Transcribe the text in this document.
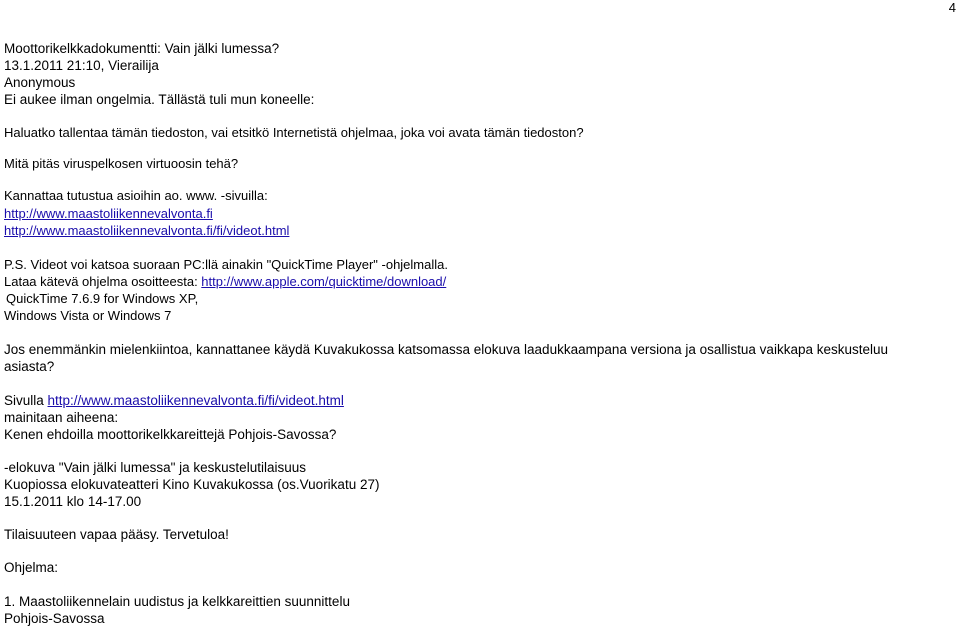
4
Moottorikelkkadokumentti: Vain jälki lumessa?
13.1.2011 21:10, Vierailija
Anonymous
Ei aukee ilman ongelmia. Tällästä tuli mun koneelle:
Haluatko tallentaa tämän tiedoston, vai etsitkö Internetistä ohjelmaa, joka voi avata tämän tiedoston?
Mitä pitäs viruspelkosen virtuoosin tehä?
Kannattaa tutustua asioihin ao. www. -sivuilla:
http://www.maastoliikennevalvonta.fi
http://www.maastoliikennevalvonta.fi/fi/videot.html
P.S. Videot voi katsoa suoraan PC:llä ainakin "QuickTime Player" -ohjelmalla.
Lataa kätevä ohjelma osoitteesta: http://www.apple.com/quicktime/download/
QuickTime 7.6.9 for Windows XP,
Windows Vista or Windows 7
Jos enemmänkin mielenkiintoa, kannattanee käydä Kuvakukossa katsomassa elokuva laadukkaampana versiona ja osallistua vaikkapa keskusteluu
asiasta?
Sivulla http://www.maastoliikennevalvonta.fi/fi/videot.html
mainitaan aiheena:
Kenen ehdoilla moottorikelkkareittejä Pohjois-Savossa?
-elokuva "Vain jälki lumessa" ja keskustelutilaisuus
Kuopiossa elokuvateatteri Kino Kuvakukossa (os.Vuorikatu 27)
15.1.2011 klo 14-17.00
Tilaisuuteen vapaa pääsy. Tervetuloa!
Ohjelma:
1. Maastoliikennelain uudistus ja kelkkareittien suunnittelu
Pohjois-Savossa
